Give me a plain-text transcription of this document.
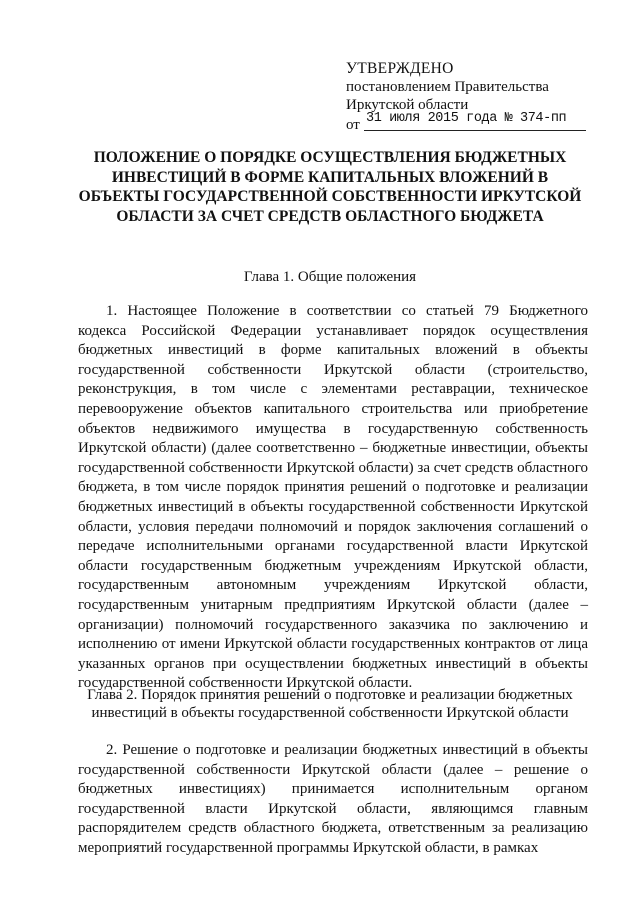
УТВЕРЖДЕНО
постановлением Правительства
Иркутской области
от 31 июля 2015 года № 374-пп
ПОЛОЖЕНИЕ О ПОРЯДКЕ ОСУЩЕСТВЛЕНИЯ БЮДЖЕТНЫХ ИНВЕСТИЦИЙ В ФОРМЕ КАПИТАЛЬНЫХ ВЛОЖЕНИЙ В ОБЪЕКТЫ ГОСУДАРСТВЕННОЙ СОБСТВЕННОСТИ ИРКУТСКОЙ ОБЛАСТИ ЗА СЧЕТ СРЕДСТВ ОБЛАСТНОГО БЮДЖЕТА
Глава 1. Общие положения
1. Настоящее Положение в соответствии со статьей 79 Бюджетного кодекса Российской Федерации устанавливает порядок осуществления бюджетных инвестиций в форме капитальных вложений в объекты государственной собственности Иркутской области (строительство, реконструкция, в том числе с элементами реставрации, техническое перевооружение объектов капитального строительства или приобретение объектов недвижимого имущества в государственную собственность Иркутской области) (далее соответственно – бюджетные инвестиции, объекты государственной собственности Иркутской области) за счет средств областного бюджета, в том числе порядок принятия решений о подготовке и реализации бюджетных инвестиций в объекты государственной собственности Иркутской области, условия передачи полномочий и порядок заключения соглашений о передаче исполнительными органами государственной власти Иркутской области государственным бюджетным учреждениям Иркутской области, государственным автономным учреждениям Иркутской области, государственным унитарным предприятиям Иркутской области (далее – организации) полномочий государственного заказчика по заключению и исполнению от имени Иркутской области государственных контрактов от лица указанных органов при осуществлении бюджетных инвестиций в объекты государственной собственности Иркутской области.
Глава 2. Порядок принятия решений о подготовке и реализации бюджетных инвестиций в объекты государственной собственности Иркутской области
2. Решение о подготовке и реализации бюджетных инвестиций в объекты государственной собственности Иркутской области (далее – решение о бюджетных инвестициях) принимается исполнительным органом государственной власти Иркутской области, являющимся главным распорядителем средств областного бюджета, ответственным за реализацию мероприятий государственной программы Иркутской области, в рамках
